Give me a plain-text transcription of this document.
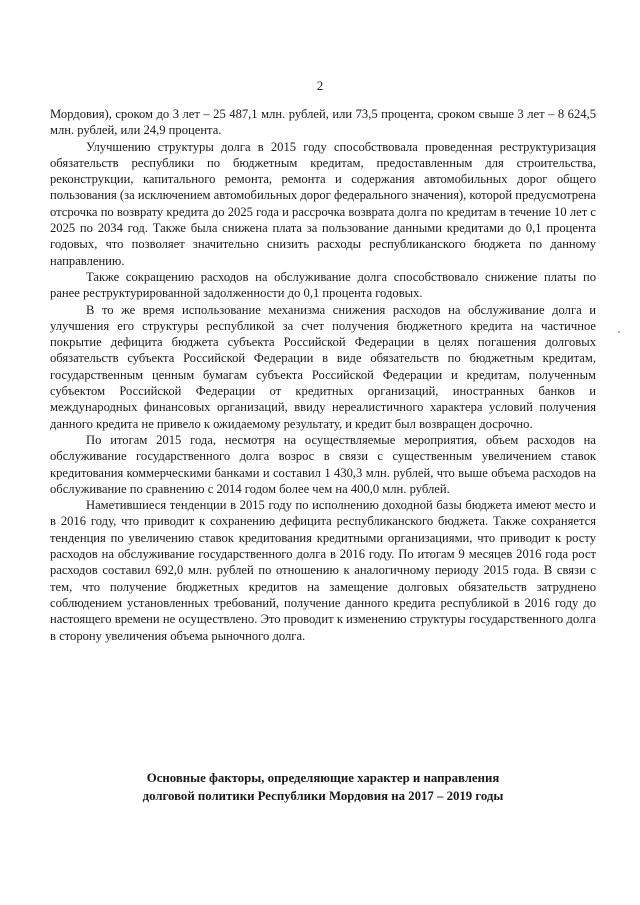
2

Мордовия), сроком до 3 лет – 25 487,1 млн. рублей, или 73,5 процента, сроком свыше 3 лет – 8 624,5 млн. рублей, или 24,9 процента.

Улучшению структуры долга в 2015 году способствовала проведенная реструктуризация обязательств республики по бюджетным кредитам, предоставленным для строительства, реконструкции, капитального ремонта, ремонта и содержания автомобильных дорог общего пользования (за исключением автомобильных дорог федерального значения), которой предусмотрена отсрочка по возврату кредита до 2025 года и рассрочка возврата долга по кредитам в течение 10 лет с 2025 по 2034 год. Также была снижена плата за пользование данными кредитами до 0,1 процента годовых, что позволяет значительно снизить расходы республиканского бюджета по данному направлению.

Также сокращению расходов на обслуживание долга способствовало снижение платы по ранее реструктурированной задолженности до 0,1 процента годовых.

В то же время использование механизма снижения расходов на обслуживание долга и улучшения его структуры республикой за счет получения бюджетного кредита на частичное покрытие дефицита бюджета субъекта Российской Федерации в целях погашения долговых обязательств субъекта Российской Федерации в виде обязательств по бюджетным кредитам, государственным ценным бумагам субъекта Российской Федерации и кредитам, полученным субъектом Российской Федерации от кредитных организаций, иностранных банков и международных финансовых организаций, ввиду нереалистичного характера условий получения данного кредита не привело к ожидаемому результату, и кредит был возвращен досрочно.

По итогам 2015 года, несмотря на осуществляемые мероприятия, объем расходов на обслуживание государственного долга возрос в связи с существенным увеличением ставок кредитования коммерческими банками и составил 1 430,3 млн. рублей, что выше объема расходов на обслуживание по сравнению с 2014 годом более чем на 400,0 млн. рублей.

Наметившиеся тенденции в 2015 году по исполнению доходной базы бюджета имеют место и в 2016 году, что приводит к сохранению дефицита республиканского бюджета. Также сохраняется тенденция по увеличению ставок кредитования кредитными организациями, что приводит к росту расходов на обслуживание государственного долга в 2016 году. По итогам 9 месяцев 2016 года рост расходов составил 692,0 млн. рублей по отношению к аналогичному периоду 2015 года. В связи с тем, что получение бюджетных кредитов на замещение долговых обязательств затруднено соблюдением установленных требований, получение данного кредита республикой в 2016 году до настоящего времени не осуществлено. Это проводит к изменению структуры государственного долга в сторону увеличения объема рыночного долга.

Основные факторы, определяющие характер и направления
долговой политики Республики Мордовия на 2017 – 2019 годы
